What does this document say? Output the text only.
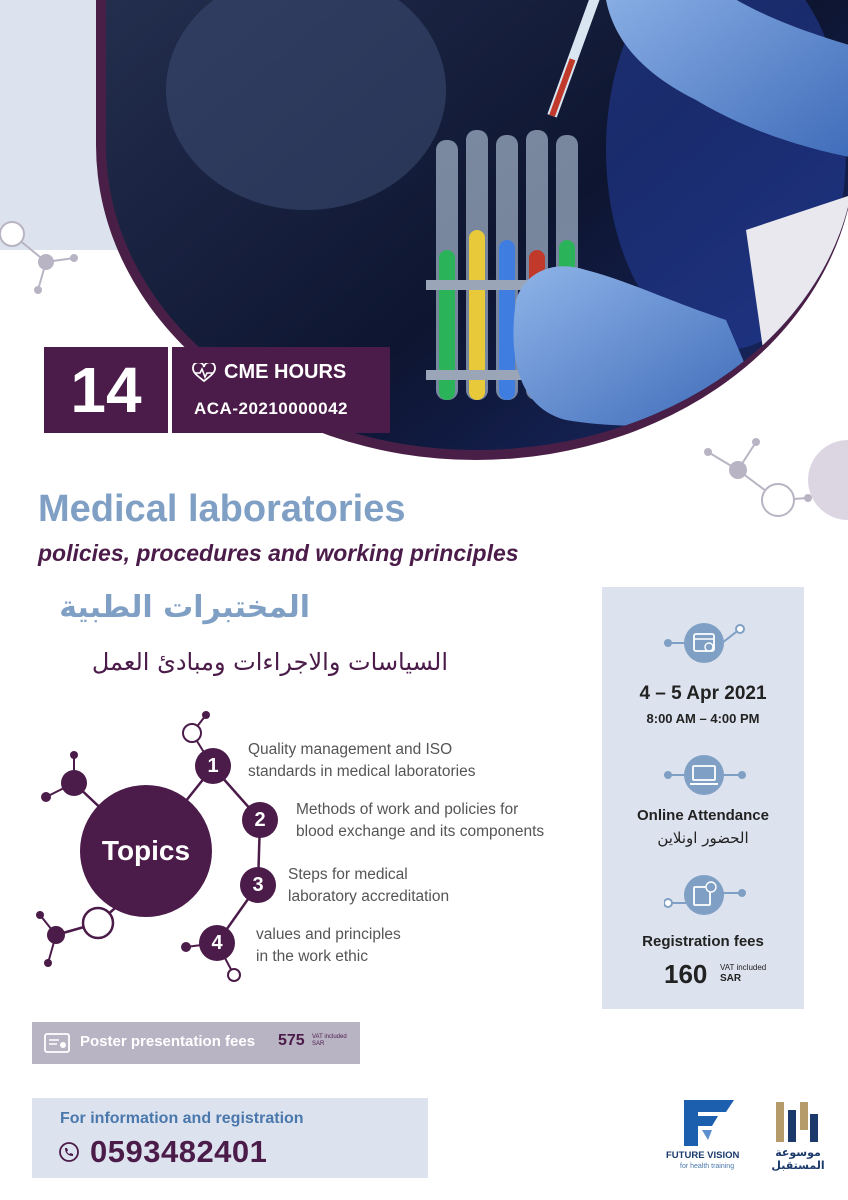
14	CME HOURS
ACA-20210000042
Medical laboratories
policies, procedures and working principles
المختبرات الطبية
السياسات والاجراءات ومبادئ العمل
Topics
1
2
3
4
Quality management and ISO
standards in medical laboratories
Methods of work and policies for
blood exchange and its components
Steps for medical
laboratory accreditation
values and principles
in the work ethic
4 – 5 Apr 2021
8:00 AM – 4:00 PM
Online Attendance
الحضور اونلاين
Registration fees
160 VAT included
SAR
Poster presentation fees 575 VAT included
SAR
For information and registration
0593482401	FUTURE VISION
for health training
موسوعة المستقبل
